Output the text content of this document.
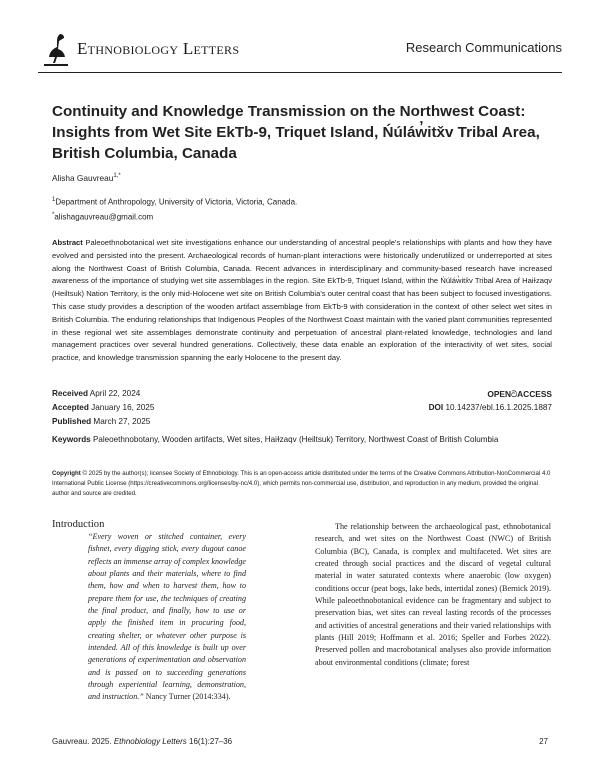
Ethnobiology Letters	Research Communications
Continuity and Knowledge Transmission on the Northwest Coast: Insights from Wet Site EkTb-9, Triquet Island, Ńúláw̓itx̌v Tribal Area, British Columbia, Canada
Alisha Gauvreau$^{1,*}$
$^1$Department of Anthropology, University of Victoria, Victoria, Canada.
*alishagauvreau@gmail.com
Abstract Paleoethnobotanical wet site investigations enhance our understanding of ancestral people's relationships with plants and how they have evolved and persisted into the present. Archaeological records of human-plant interactions were historically underutilized or underreported at sites along the Northwest Coast of British Columbia, Canada. Recent advances in interdisciplinary and community-based research have increased awareness of the importance of studying wet site assemblages in the region. Site EkTb-9, Triquet Island, within the Ńúláw̓itx̌v Tribal Area of Haiɫzaqv (Heiltsuk) Nation Territory, is the only mid-Holocene wet site on British Columbia's outer central coast that has been subject to focused investigations. This case study provides a description of the wooden artifact assemblage from EkTb-9 with consideration in the context of other select wet sites in British Columbia. The enduring relationships that Indigenous Peoples of the Northwest Coast maintain with the varied plant communities represented in these regional wet site assemblages demonstrate continuity and perpetuation of ancestral plant-related knowledge, technologies and land management practices over several hundred generations. Collectively, these data enable an exploration of the interactivity of wet sites, social practice, and knowledge transmission spanning the early Holocene to the present day.
Received April 22, 2024
Accepted January 16, 2025
Published March 27, 2025
OPENටACCESS
DOI 10.14237/ebl.16.1.2025.1887
Keywords Paleoethnobotany, Wooden artifacts, Wet sites, Haiɫzaqv (Heiltsuk) Territory, Northwest Coast of British Columbia
Copyright © 2025 by the author(s); licensee Society of Ethnobiology. This is an open-access article distributed under the terms of the Creative Commons Attribution-NonCommercial 4.0 International Public License (https://creativecommons.org/licenses/by-nc/4.0), which permits non-commercial use, distribution, and reproduction in any medium, provided the original author and source are credited.
Introduction
“Every woven or stitched container, every fishnet, every digging stick, every dugout canoe reflects an immense array of complex knowledge about plants and their materials, where to find them, how and when to harvest them, how to prepare them for use, the techniques of creating the final product, and finally, how to use or apply the finished item in procuring food, creating shelter, or whatever other purpose is intended. All of this knowledge is built up over generations of experimentation and observation and is passed on to succeeding generations through experiential learning, demonstration, and instruction.” Nancy Turner (2014:334).
The relationship between the archaeological past, ethnobotanical research, and wet sites on the Northwest Coast (NWC) of British Columbia (BC), Canada, is complex and multifaceted. Wet sites are created through social practices and the discard of vegetal cultural material in water saturated contexts where anaerobic (low oxygen) conditions occur (peat bogs, lake beds, intertidal zones) (Bernick 2019). While paleoethnobotanical evidence can be fragmentary and subject to preservation bias, wet sites can reveal lasting records of the processes and activities of ancestral generations and their varied relationships with plants (Hill 2019; Hoffmann et al. 2016; Speller and Forbes 2022). Preserved pollen and macrobotanical analyses also provide information about environmental conditions (climate; forest
Gauvreau. 2025. Ethnobiology Letters 16(1):27–36	27
